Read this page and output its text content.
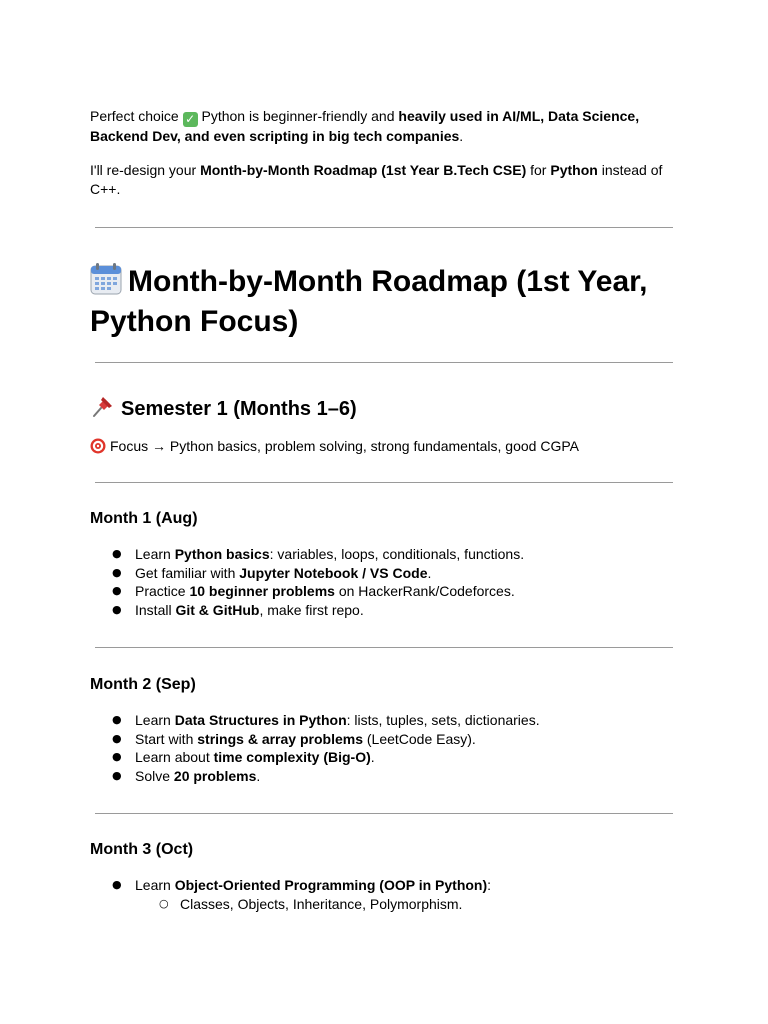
Perfect choice ✓ Python is beginner-friendly and heavily used in AI/ML, Data Science, Backend Dev, and even scripting in big tech companies.

I'll re-design your Month-by-Month Roadmap (1st Year B.Tech CSE) for Python instead of C++.

Month-by-Month Roadmap (1st Year, Python Focus)
Semester 1 (Months 1–6)

Focus → Python basics, problem solving, strong fundamentals, good CGPA

Month 1 (Aug)
● Learn Python basics: variables, loops, conditionals, functions.
● Get familiar with Jupyter Notebook / VS Code.
● Practice 10 beginner problems on HackerRank/Codeforces.
● Install Git & GitHub, make first repo.
Month 2 (Sep)
● Learn Data Structures in Python: lists, tuples, sets, dictionaries.
● Start with strings & array problems (LeetCode Easy).
● Learn about time complexity (Big-O).
● Solve 20 problems.
Month 3 (Oct)
● Learn Object-Oriented Programming (OOP in Python):
○ Classes, Objects, Inheritance, Polymorphism.
